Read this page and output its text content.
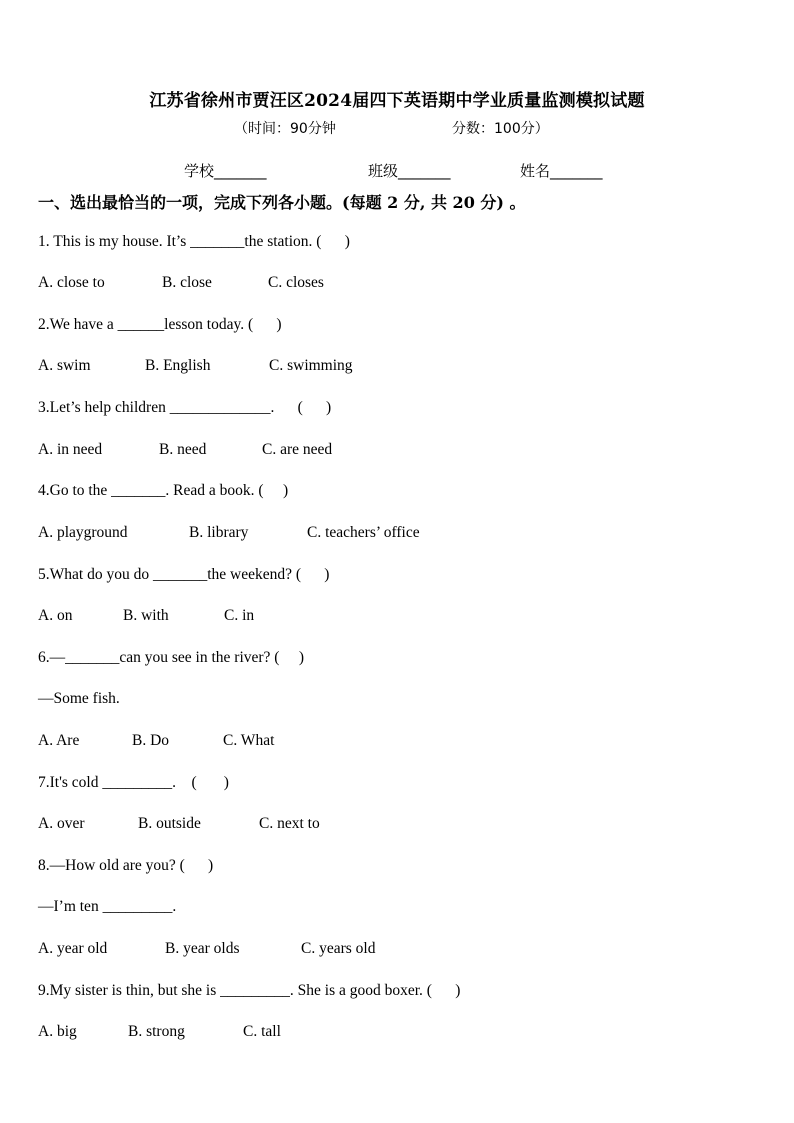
江苏省徐州市贾汪区2024届四下英语期中学业质量监测模拟试题
（时间：90分钟	分数：100分）
学校_______	班级_______	姓名_______
一、选出最恰当的一项，完成下列各小题。(每题 2 分, 共 20 分) 。
1. This is my house. It’s _______the station. (      )
A. close to	B. close	C. closes
2.We have a ______lesson today. (      )
A. swim	B. English	C. swimming
3.Let’s help children _____________.      (      )
A. in need	B. need	C. are need
4.Go to the _______. Read a book. (     )
A. playground	B. library	C. teachers’ office
5.What do you do _______the weekend? (      )
A. on	B. with	C. in
6.—_______can you see in the river? (     )
—Some fish.
A. Are	B. Do	C. What
7.It's cold _________.    (       )
A. over	B. outside	C. next to
8.—How old are you? (      )
—I’m ten _________.
A. year old	B. year olds	C. years old
9.My sister is thin, but she is _________. She is a good boxer. (      )
A. big	B. strong	C. tall
